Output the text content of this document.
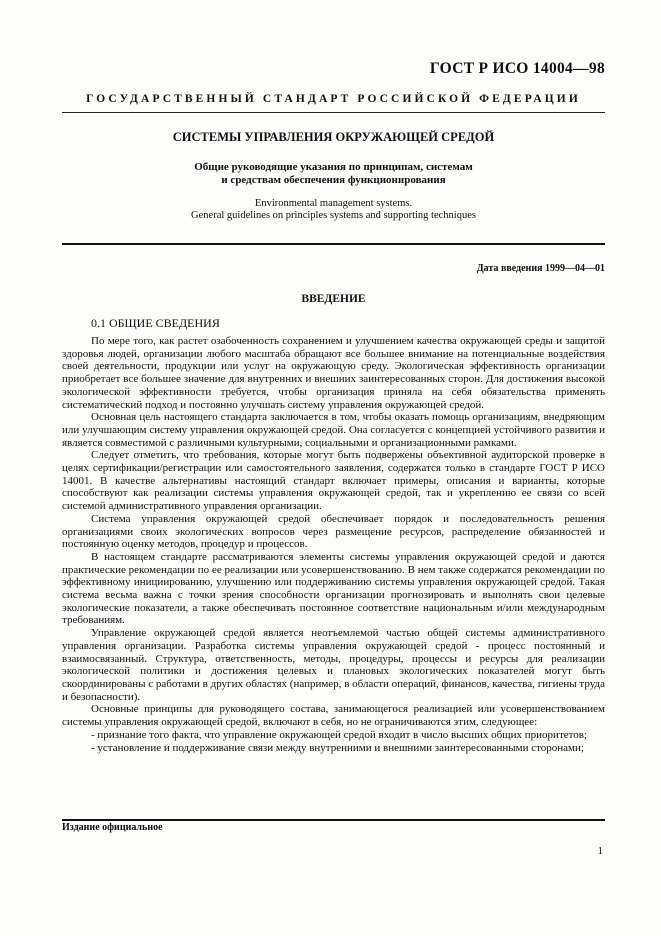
ГОСТ Р ИСО 14004—98
ГОСУДАРСТВЕННЫЙ СТАНДАРТ РОССИЙСКОЙ ФЕДЕРАЦИИ
СИСТЕМЫ УПРАВЛЕНИЯ ОКРУЖАЮЩЕЙ СРЕДОЙ
Общие руководящие указания по принципам, системам
и средствам обеспечения функционирования
Environmental management systems.
General guidelines on principles systems and supporting techniques
Дата введения 1999—04—01
ВВЕДЕНИЕ
0.1 ОБЩИЕ СВЕДЕНИЯ

По мере того, как растет озабоченность сохранением и улучшением качества окружающей среды и защитой здоровья людей, организации любого масштаба обращают все большее внимание на потенциальные воздействия своей деятельности, продукции или услуг на окружающую среду. Экологическая эффективность организации приобретает все большее значение для внутренних и внешних заинтересованных сторон. Для достижения высокой экологической эффективности требуется, чтобы организация приняла на себя обязательства применять систематический подход и постоянно улучшать систему управления окружающей средой.

Основная цель настоящего стандарта заключается в том, чтобы оказать помощь организациям, внедряющим или улучшающим систему управления окружающей средой. Она согласуется с концепцией устойчивого развития и является совместимой с различными культурными, социальными и организационными рамками.

Следует отметить, что требования, которые могут быть подвержены объективной аудиторской проверке в целях сертификации/регистрации или самостоятельного заявления, содержатся только в стандарте ГОСТ Р ИСО 14001. В качестве альтернативы настоящий стандарт включает примеры, описания и варианты, которые способствуют как реализации системы управления окружающей средой, так и укреплению ее связи со всей системой административного управления организации.

Система управления окружающей средой обеспечивает порядок и последовательность решения организациями своих экологических вопросов через размещение ресурсов, распределение обязанностей и постоянную оценку методов, процедур и процессов.

В настоящем стандарте рассматриваются элементы системы управления окружающей средой и даются практические рекомендации по ее реализации или усовершенствованию. В нем также содержатся рекомендации по эффективному инициированию, улучшению или поддерживанию системы управления окружающей средой. Такая система весьма важна с точки зрения способности организации прогнозировать и выполнять свои целевые экологические показатели, а также обеспечивать постоянное соответствие национальным и/или международным требованиям.

Управление окружающей средой является неотъемлемой частью общей системы административного управления организации. Разработка системы управления окружающей средой - процесс постоянный и взаимосвязанный. Структура, ответственность, методы, процедуры, процессы и ресурсы для реализации экологической политики и достижения целевых и плановых экологических показателей могут быть скоординированы с работами в других областях (например, в области операций, финансов, качества, гигиены труда и безопасности).

Основные принципы для руководящего состава, занимающегося реализацией или усовершенствованием системы управления окружающей средой, включают в себя, но не ограничиваются этим, следующее:

- признание того факта, что управление окружающей средой входит в число высших общих приоритетов;

- установление и поддерживание связи между внутренними и внешними заинтересованными сторонами;

Издание официальное
1
